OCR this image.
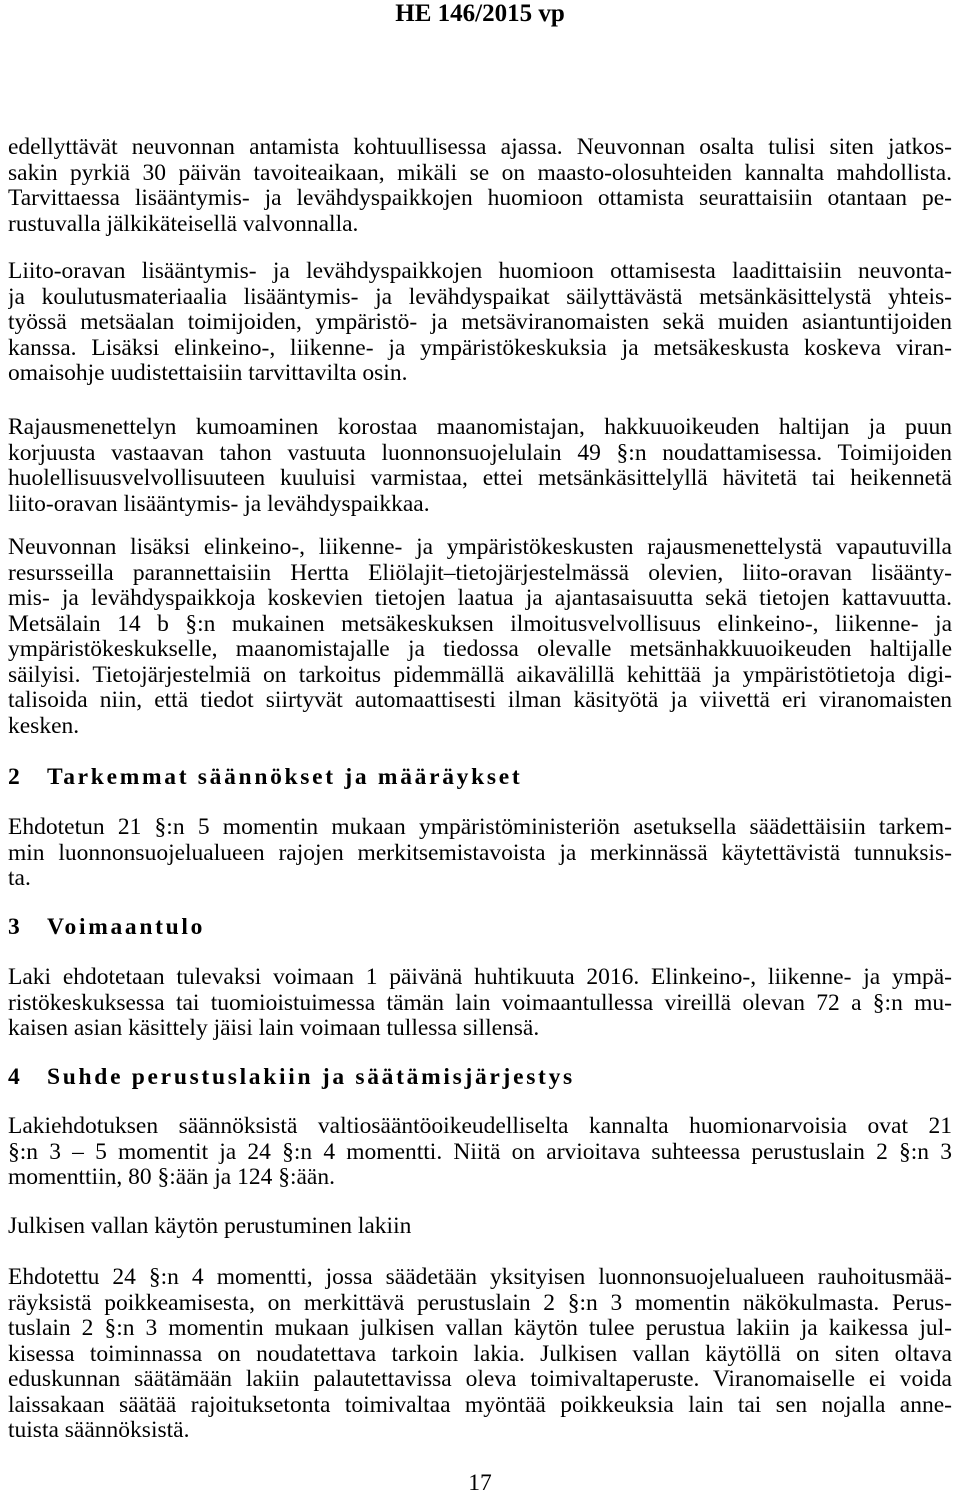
HE 146/2015 vp
edellyttävät neuvonnan antamista kohtuullisessa ajassa. Neuvonnan osalta tulisi siten jatkos-
sakin pyrkiä 30 päivän tavoiteaikaan, mikäli se on maasto-olosuhteiden kannalta mahdollista.
Tarvittaessa lisääntymis- ja levähdyspaikkojen huomioon ottamista seurattaisiin otantaan pe-
rustuvalla jälkikäteisellä valvonnalla.
Liito-oravan lisääntymis- ja levähdyspaikkojen huomioon ottamisesta laadittaisiin neuvonta-
ja koulutusmateriaalia lisääntymis- ja levähdyspaikat säilyttävästä metsänkäsittelystä yhteis-
työssä metsäalan toimijoiden, ympäristö- ja metsäviranomaisten sekä muiden asiantuntijoiden
kanssa. Lisäksi elinkeino-, liikenne- ja ympäristökeskuksia ja metsäkeskusta koskeva viran-
omaisohje uudistettaisiin tarvittavilta osin.
Rajausmenettelyn kumoaminen korostaa maanomistajan, hakkuuoikeuden haltijan ja puun
korjuusta vastaavan tahon vastuuta luonnonsuojelulain 49 §:n noudattamisessa. Toimijoiden
huolellisuusvelvollisuuteen kuuluisi varmistaa, ettei metsänkäsittelyllä hävitetä tai heikennetä
liito-oravan lisääntymis- ja levähdyspaikkaa.
Neuvonnan lisäksi elinkeino-, liikenne- ja ympäristökeskusten rajausmenettelystä vapautuvilla
resursseilla parannettaisiin Hertta Eliölajit–tietojärjestelmässä olevien, liito-oravan lisäänty-
mis- ja levähdyspaikkoja koskevien tietojen laatua ja ajantasaisuutta sekä tietojen kattavuutta.
Metsälain 14 b §:n mukainen metsäkeskuksen ilmoitusvelvollisuus elinkeino-, liikenne- ja
ympäristökeskukselle, maanomistajalle ja tiedossa olevalle metsänhakkuuoikeuden haltijalle
säilyisi. Tietojärjestelmiä on tarkoitus pidemmällä aikavälillä kehittää ja ympäristötietoja digi-
talisoida niin, että tiedot siirtyvät automaattisesti ilman käsityötä ja viivettä eri viranomaisten
kesken.
2 Tarkemmat säännökset ja määräykset
Ehdotetun 21 §:n 5 momentin mukaan ympäristöministeriön asetuksella säädettäisiin tarkem-
min luonnonsuojelualueen rajojen merkitsemistavoista ja merkinnässä käytettävistä tunnuksis-
ta.
3 Voimaantulo
Laki ehdotetaan tulevaksi voimaan 1 päivänä huhtikuuta 2016. Elinkeino-, liikenne- ja ympä-
ristökeskuksessa tai tuomioistuimessa tämän lain voimaantullessa vireillä olevan 72 a §:n mu-
kaisen asian käsittely jäisi lain voimaan tullessa sillensä.
4 Suhde perustuslakiin ja säätämisjärjestys
Lakiehdotuksen säännöksistä valtiosääntöoikeudelliselta kannalta huomionarvoisia ovat 21
§:n 3 – 5 momentit ja 24 §:n 4 momentti. Niitä on arvioitava suhteessa perustuslain 2 §:n 3
momenttiin, 80 §:ään ja 124 §:ään.
Julkisen vallan käytön perustuminen lakiin
Ehdotettu 24 §:n 4 momentti, jossa säädetään yksityisen luonnonsuojelualueen rauhoitusmää-
räyksistä poikkeamisesta, on merkittävä perustuslain 2 §:n 3 momentin näkökulmasta. Perus-
tuslain 2 §:n 3 momentin mukaan julkisen vallan käytön tulee perustua lakiin ja kaikessa jul-
kisessa toiminnassa on noudatettava tarkoin lakia. Julkisen vallan käytöllä on siten oltava
eduskunnan säätämään lakiin palautettavissa oleva toimivaltaperuste. Viranomaiselle ei voida
laissakaan säätää rajoituksetonta toimivaltaa myöntää poikkeuksia lain tai sen nojalla anne-
tuista säännöksistä.
17
